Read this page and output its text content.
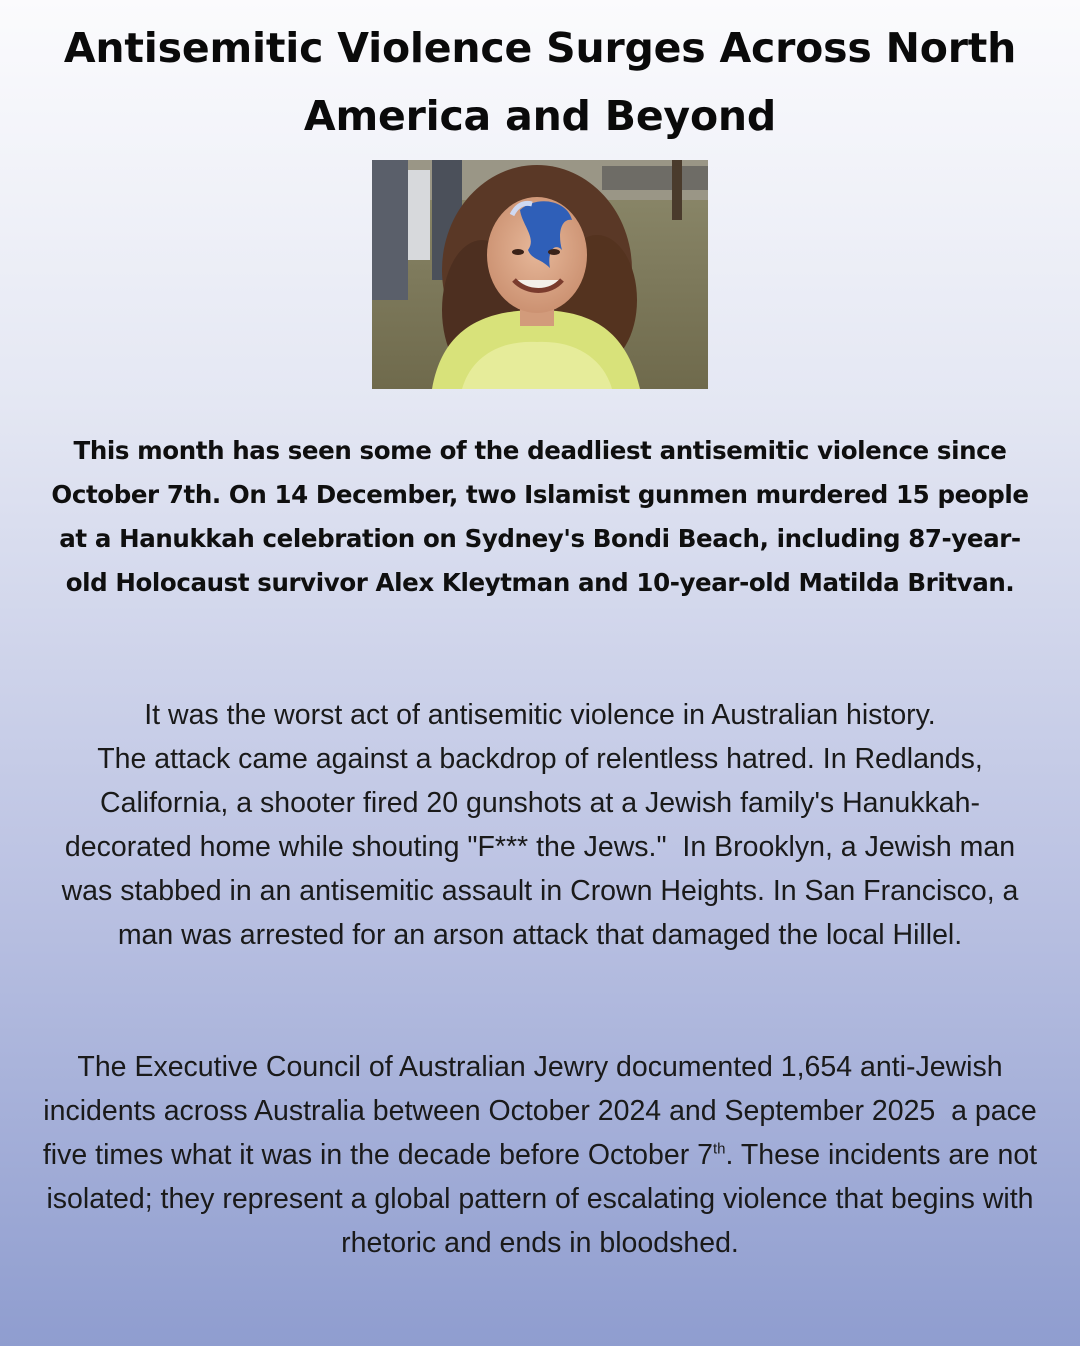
Antisemitic Violence Surges Across North America and Beyond

This month has seen some of the deadliest antisemitic violence since October 7th. On 14 December, two Islamist gunmen murdered 15 people at a Hanukkah celebration on Sydney's Bondi Beach, including 87-year-old Holocaust survivor Alex Kleytman and 10-year-old Matilda Britvan.

It was the worst act of antisemitic violence in Australian history.
The attack came against a backdrop of relentless hatred. In Redlands, California, a shooter fired 20 gunshots at a Jewish family's Hanukkah-decorated home while shouting "F*** the Jews."  In Brooklyn, a Jewish man was stabbed in an antisemitic assault in Crown Heights. In San Francisco, a man was arrested for an arson attack that damaged the local Hillel.

The Executive Council of Australian Jewry documented 1,654 anti-Jewish incidents across Australia between October 2024 and September 2025  a pace five times what it was in the decade before October 7th. These incidents are not isolated; they represent a global pattern of escalating violence that begins with rhetoric and ends in bloodshed.
